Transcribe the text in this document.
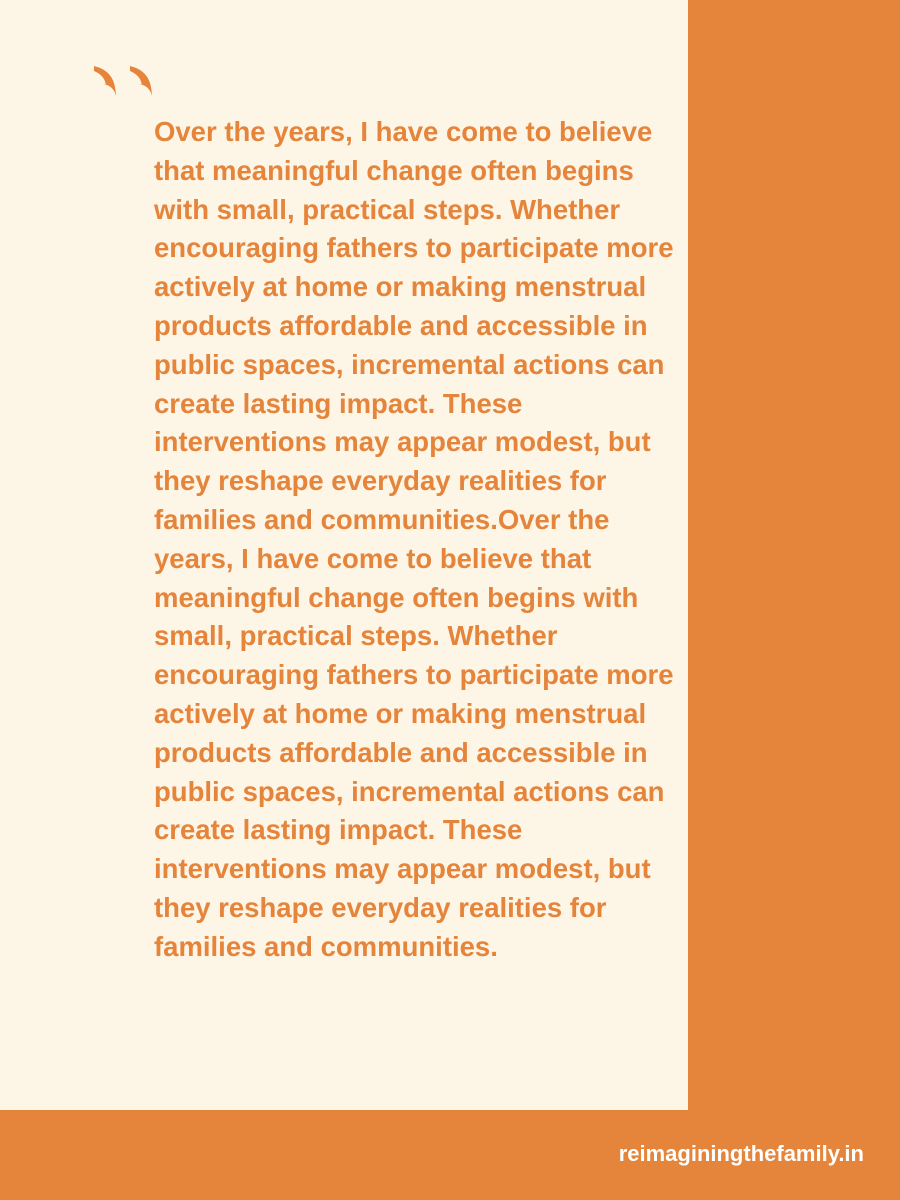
Over the years, I have come to believe that meaningful change often begins with small, practical steps. Whether encouraging fathers to participate more actively at home or making menstrual products affordable and accessible in public spaces, incremental actions can create lasting impact. These interventions may appear modest, but they reshape everyday realities for families and communities.Over the years, I have come to believe that meaningful change often begins with small, practical steps. Whether encouraging fathers to participate more actively at home or making menstrual products affordable and accessible in public spaces, incremental actions can create lasting impact. These interventions may appear modest, but they reshape everyday realities for families and communities.

reimaginingthefamily.in
